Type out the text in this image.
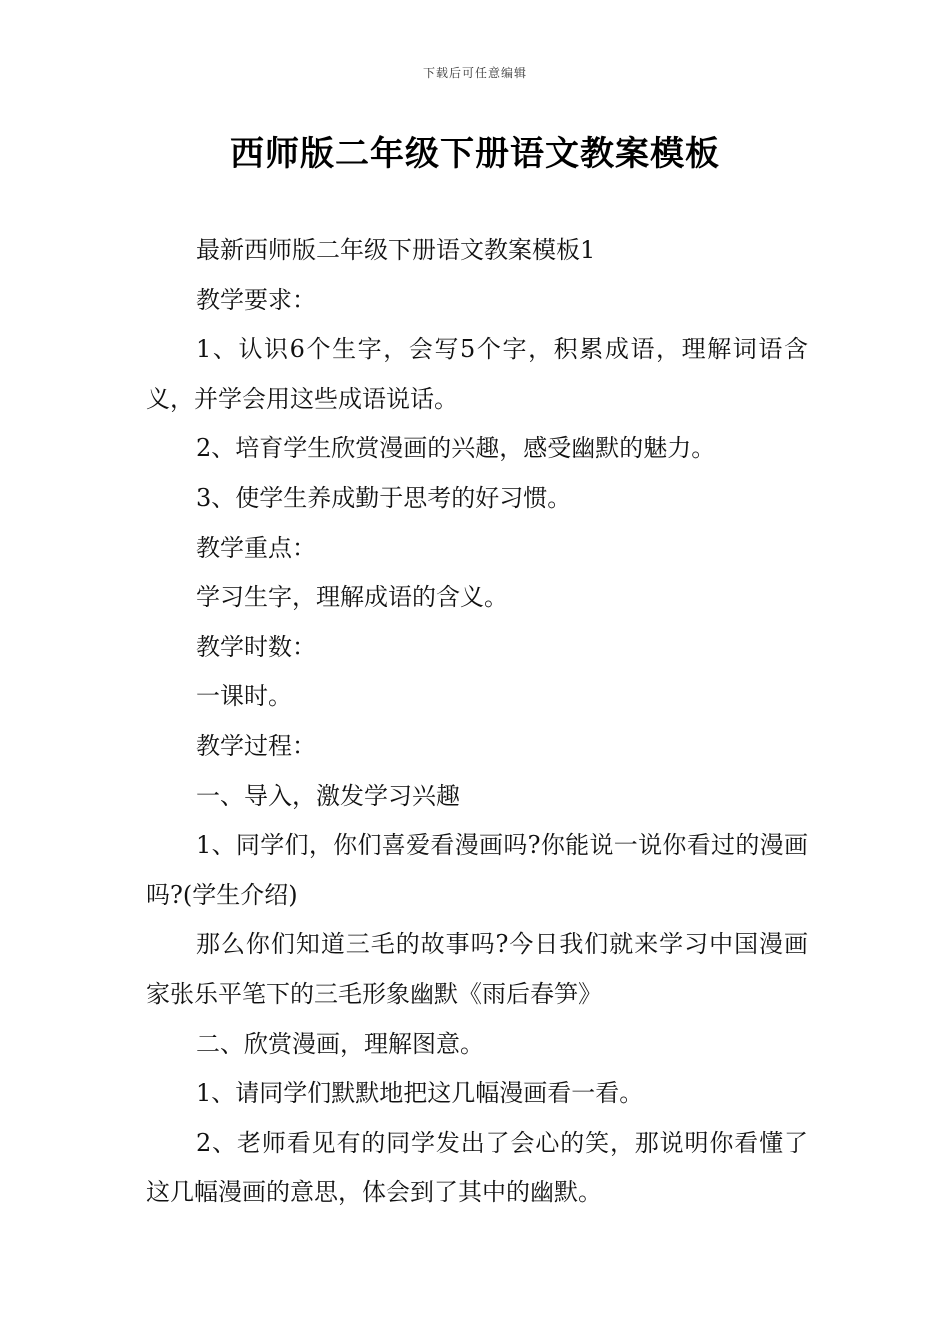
下载后可任意编辑
西师版二年级下册语文教案模板

最新西师版二年级下册语文教案模板1

教学要求：

1、认识6个生字，会写5个字，积累成语，理解词语含义，并学会用这些成语说话。

2、培育学生欣赏漫画的兴趣，感受幽默的魅力。

3、使学生养成勤于思考的好习惯。

教学重点：

学习生字，理解成语的含义。

教学时数：

一课时。

教学过程：

一、导入，激发学习兴趣

1、同学们，你们喜爱看漫画吗?你能说一说你看过的漫画吗?(学生介绍)

那么你们知道三毛的故事吗?今日我们就来学习中国漫画家张乐平笔下的三毛形象幽默《雨后春笋》

二、欣赏漫画，理解图意。

1、请同学们默默地把这几幅漫画看一看。

2、老师看见有的同学发出了会心的笑，那说明你看懂了这几幅漫画的意思，体会到了其中的幽默。
